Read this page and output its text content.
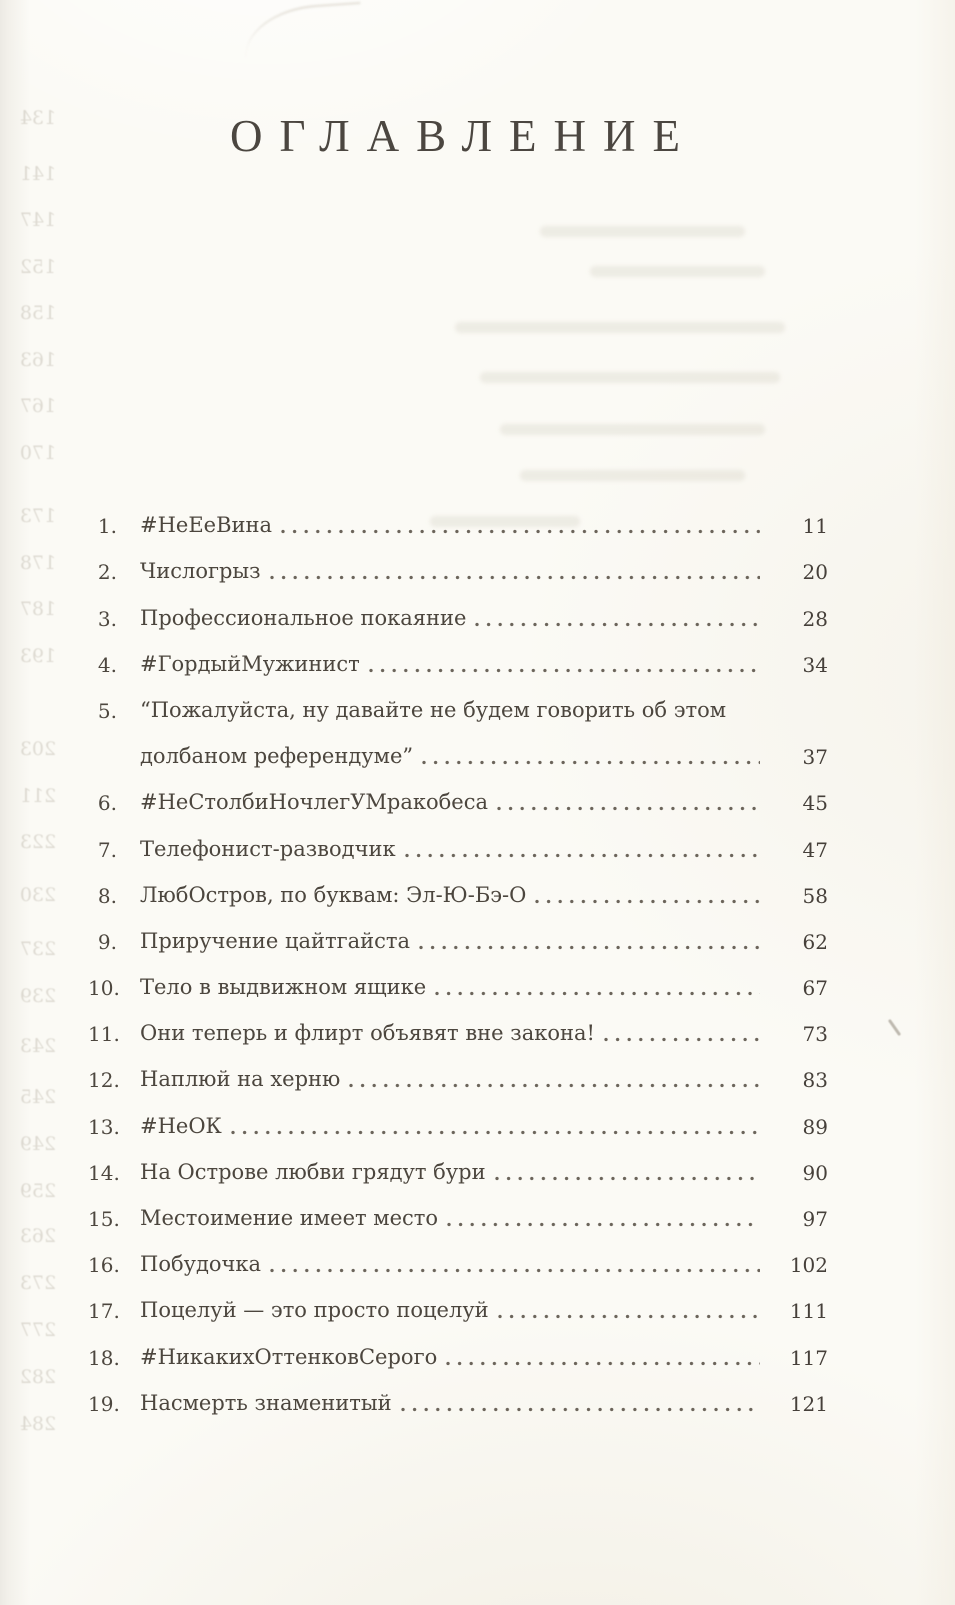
134
141
147
152
158
163
167
170
173
178
187
193
203
211
223
230
237
239
243
245
249
259
263
273
277
282
284
ОГЛАВЛЕНИЕ
1. #НеЕеВина	11
2. Числогрыз	20
3. Профессиональное покаяние	28
4. #ГордыйМужинист	34
5. “Пожалуйста, ну давайте не будем говорить об этом
долбаном референдуме”	37
6. #НеСтолбиНочлегУМракобеса	45
7. Телефонист-разводчик	47
8. ЛюбОстров, по буквам: Эл-Ю-Бэ-О	58
9. Приручение цайтгайста	62
10. Тело в выдвижном ящике	67
11. Они теперь и флирт объявят вне закона!	73
12. Наплюй на херню	83
13. #НеОК	89
14. На Острове любви грядут бури	90
15. Местоимение имеет место	97
16. Побудочка	102
17. Поцелуй — это просто поцелуй	111
18. #НикакихОттенковСерого	117
19. Насмерть знаменитый	121
